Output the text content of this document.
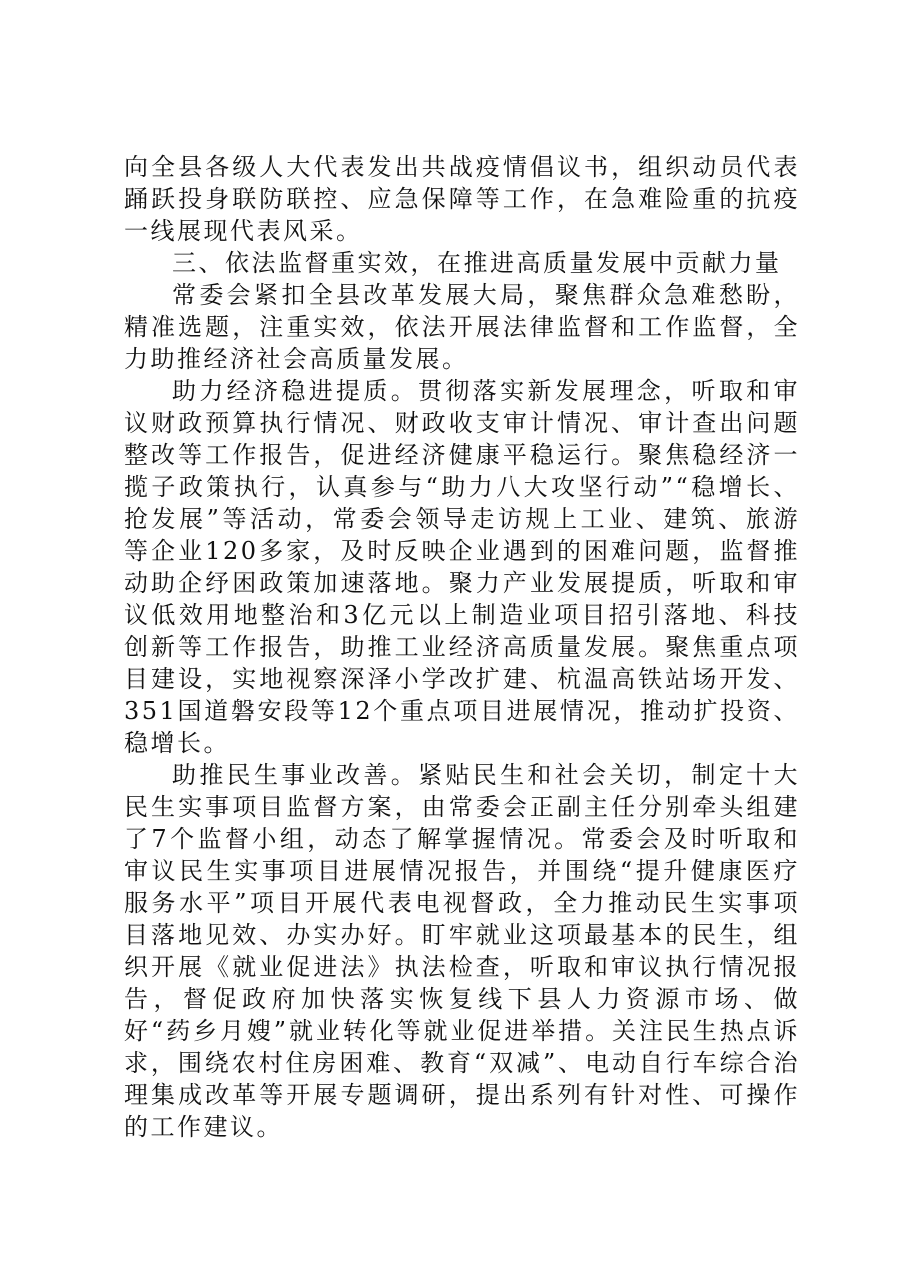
向全县各级人大代表发出共战疫情倡议书，组织动员代表踊跃投身联防联控、应急保障等工作，在急难险重的抗疫一线展现代表风采。

三、依法监督重实效，在推进高质量发展中贡献力量

常委会紧扣全县改革发展大局，聚焦群众急难愁盼，精准选题，注重实效，依法开展法律监督和工作监督，全力助推经济社会高质量发展。

助力经济稳进提质。贯彻落实新发展理念，听取和审议财政预算执行情况、财政收支审计情况、审计查出问题整改等工作报告，促进经济健康平稳运行。聚焦稳经济一揽子政策执行，认真参与“助力八大攻坚行动”“稳增长、抢发展”等活动，常委会领导走访规上工业、建筑、旅游等企业120多家，及时反映企业遇到的困难问题，监督推动助企纾困政策加速落地。聚力产业发展提质，听取和审议低效用地整治和3亿元以上制造业项目招引落地、科技创新等工作报告，助推工业经济高质量发展。聚焦重点项目建设，实地视察深泽小学改扩建、杭温高铁站场开发、351国道磐安段等12个重点项目进展情况，推动扩投资、稳增长。

助推民生事业改善。紧贴民生和社会关切，制定十大民生实事项目监督方案，由常委会正副主任分别牵头组建了7个监督小组，动态了解掌握情况。常委会及时听取和审议民生实事项目进展情况报告，并围绕“提升健康医疗服务水平”项目开展代表电视督政，全力推动民生实事项目落地见效、办实办好。盯牢就业这项最基本的民生，组织开展《就业促进法》执法检查，听取和审议执行情况报告，督促政府加快落实恢复线下县人力资源市场、做好“药乡月嫂”就业转化等就业促进举措。关注民生热点诉求，围绕农村住房困难、教育“双减”、电动自行车综合治理集成改革等开展专题调研，提出系列有针对性、可操作的工作建议。
